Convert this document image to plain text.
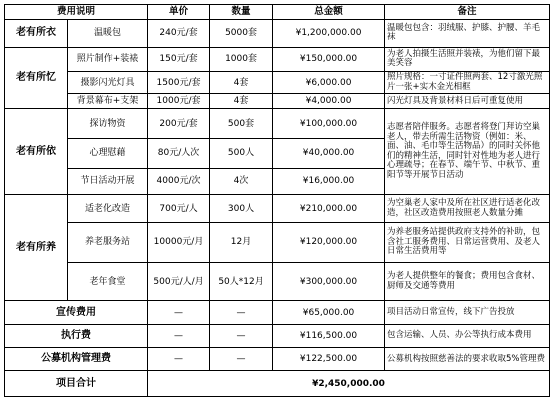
费用说明		单价	数量	总金额	备注
老有所衣	温暖包	240元/套	5000套	¥1,200,000.00	温暖包包含：羽绒服、护膝、护腰、羊毛袜
老有所忆	照片制作+装裱	150元/套	1000套	¥150,000.00	为老人拍摄生活照并装裱，为他们留下最美笑容
	摄影闪光灯具	1500元/套	4套	¥6,000.00	照片规格：一寸证件照两套、12寸激光照片一张+实木金光相框
	背景幕布+支架	1000元/套	4套	¥4,000.00	闪光灯具及背景材料日后可重复使用
老有所依	探访物资	200元/套	500套	¥100,000.00	志愿者陪伴服务。志愿者将登门拜访空巢老人，带去所需生活物资（例如：米、面、油、毛巾等生活物品）的同时关怀他们的精神生活，同时针对性地为老人进行心理疏导；在春节、端午节、中秋节、重阳节等开展节日活动
	心理慰藉	80元/人次	500人	¥40,000.00	
	节日活动开展	4000元/次	4次	¥16,000.00	
老有所养	适老化改造	700元/人	300人	¥210,000.00	为空巢老人家中及所在社区进行适老化改造，社区改造费用按照老人数量分摊
	养老服务站	10000元/月	12月	¥120,000.00	为养老服务站提供政府支持外的补助，包含社工服务费用、日常运营费用、及老人日常生活费用等
	老年食堂	500元/人/月	50人*12月	¥300,000.00	为老人提供整年的餐食；费用包含食材、厨师及交通等费用
宣传费用		—	—	¥65,000.00	项目活动日常宣传，线下广告投放
执行费		—	—	¥116,500.00	包含运输、人员、办公等执行成本费用
公募机构管理费		—	—	¥122,500.00	公募机构按照慈善法的要求收取5%管理费
项目合计		¥2,450,000.00			
